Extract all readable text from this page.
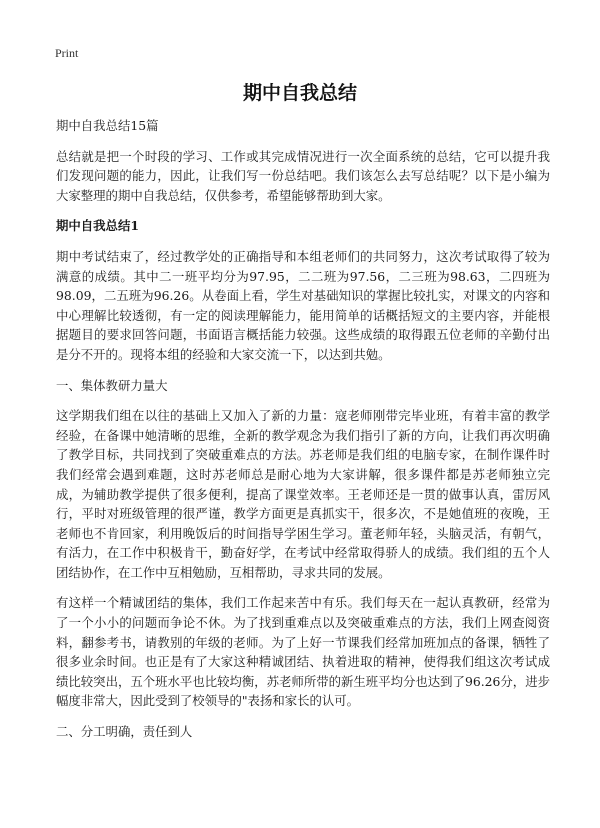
Print
期中自我总结

期中自我总结15篇

总结就是把一个时段的学习、工作或其完成情况进行一次全面系统的总结，它可以提升我们发现问题的能力，因此，让我们写一份总结吧。我们该怎么去写总结呢？以下是小编为大家整理的期中自我总结，仅供参考，希望能够帮助到大家。

期中自我总结1

期中考试结束了，经过教学处的正确指导和本组老师们的共同努力，这次考试取得了较为满意的成绩。其中二一班平均分为97.95，二二班为97.56，二三班为98.63，二四班为98.09，二五班为96.26。从卷面上看，学生对基础知识的掌握比较扎实，对课文的内容和中心理解比较透彻，有一定的阅读理解能力，能用简单的话概括短文的主要内容，并能根据题目的要求回答问题，书面语言概括能力较强。这些成绩的取得跟五位老师的辛勤付出是分不开的。现将本组的经验和大家交流一下，以达到共勉。

一、集体教研力量大

这学期我们组在以往的基础上又加入了新的力量：寇老师刚带完毕业班，有着丰富的教学经验，在备课中她清晰的思维，全新的教学观念为我们指引了新的方向，让我们再次明确了教学目标，共同找到了突破重难点的方法。苏老师是我们组的电脑专家，在制作课件时我们经常会遇到难题，这时苏老师总是耐心地为大家讲解，很多课件都是苏老师独立完成，为辅助教学提供了很多便利，提高了课堂效率。王老师还是一贯的做事认真，雷厉风行，平时对班级管理的很严谨，教学方面更是真抓实干，很多次，不是她值班的夜晚，王老师也不肯回家，利用晚饭后的时间指导学困生学习。董老师年轻，头脑灵活，有朝气，有活力，在工作中积极肯干，勤奋好学，在考试中经常取得骄人的成绩。我们组的五个人团结协作，在工作中互相勉励，互相帮助，寻求共同的发展。

有这样一个精诚团结的集体，我们工作起来苦中有乐。我们每天在一起认真教研，经常为了一个小小的问题而争论不休。为了找到重难点以及突破重难点的方法，我们上网查阅资料，翻参考书，请教别的年级的老师。为了上好一节课我们经常加班加点的备课，牺牲了很多业余时间。也正是有了大家这种精诚团结、执着进取的精神，使得我们组这次考试成绩比较突出，五个班水平也比较均衡，苏老师所带的新生班平均分也达到了96.26分，进步幅度非常大，因此受到了校领导的"表扬和家长的认可。

二、分工明确，责任到人
